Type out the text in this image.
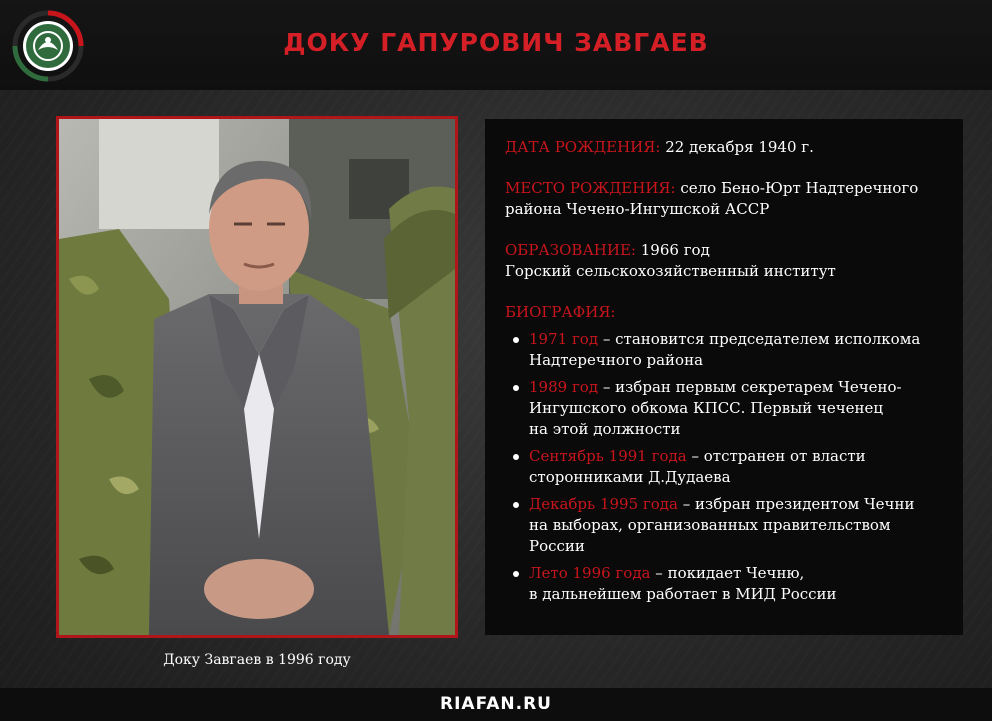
ДОКУ ГАПУРОВИЧ ЗАВГАЕВ
Доку Завгаев в 1996 году
ДАТА РОЖДЕНИЯ: 22 декабря 1940 г.
МЕСТО РОЖДЕНИЯ: село Бено-Юрт Надтеречного
района Чечено-Ингушской АССР
ОБРАЗОВАНИЕ: 1966 год
Горский сельскохозяйственный институт
БИОГРАФИЯ:
1971 год – становится председателем исполкома
Надтеречного района
1989 год – избран первым секретарем Чечено-
Ингушского обкома КПСС. Первый чеченец
на этой должности
Сентябрь 1991 года – отстранен от власти
сторонниками Д.Дудаева
Декабрь 1995 года – избран президентом Чечни
на выборах, организованных правительством
России
Лето 1996 года – покидает Чечню,
в дальнейшем работает в МИД России
RIAFAN.RU
